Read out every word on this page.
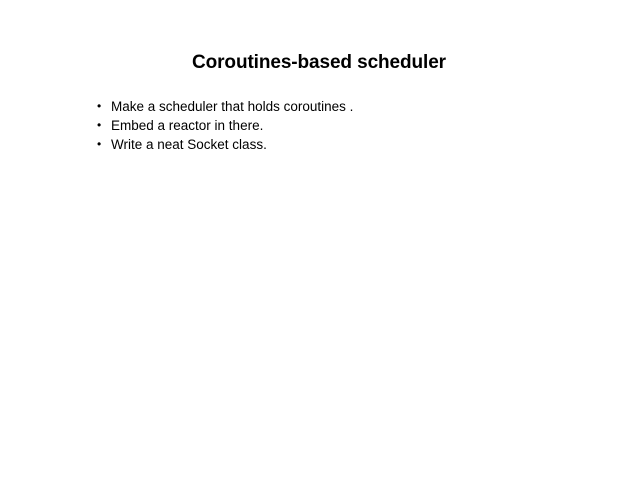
Coroutines-based scheduler
• Make a scheduler that holds coroutines .
• Embed a reactor in there.
• Write a neat Socket class.
